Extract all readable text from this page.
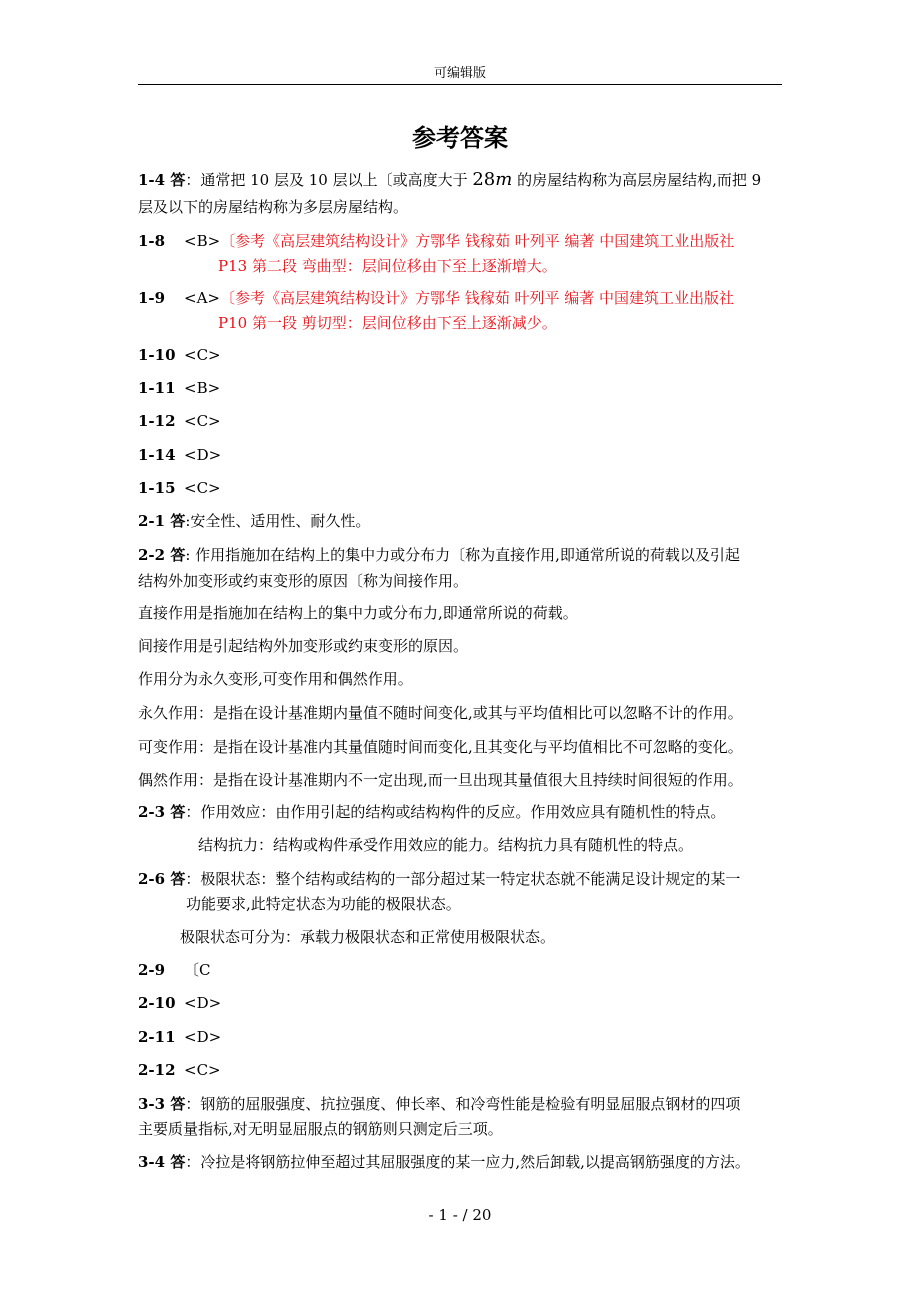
可编辑版
参考答案
1-4 答：通常把 10 层及 10 层以上〔或高度大于 28m 的房屋结构称为高层房屋结构,而把 9
层及以下的房屋结构称为多层房屋结构。
1-8 <B>〔参考《高层建筑结构设计》方鄂华 钱稼茹 叶列平 编著 中国建筑工业出版社
P13 第二段 弯曲型：层间位移由下至上逐渐增大。
1-9 <A>〔参考《高层建筑结构设计》方鄂华 钱稼茹 叶列平 编著 中国建筑工业出版社
P10 第一段 剪切型：层间位移由下至上逐渐减少。
1-10 <C>
1-11 <B>
1-12 <C>
1-14 <D>
1-15 <C>
2-1 答:安全性、适用性、耐久性。
2-2 答: 作用指施加在结构上的集中力或分布力〔称为直接作用,即通常所说的荷载以及引起
结构外加变形或约束变形的原因〔称为间接作用。
直接作用是指施加在结构上的集中力或分布力,即通常所说的荷载。
间接作用是引起结构外加变形或约束变形的原因。
作用分为永久变形,可变作用和偶然作用。
永久作用：是指在设计基准期内量值不随时间变化,或其与平均值相比可以忽略不计的作用。
可变作用：是指在设计基准内其量值随时间而变化,且其变化与平均值相比不可忽略的变化。
偶然作用：是指在设计基准期内不一定出现,而一旦出现其量值很大且持续时间很短的作用。
2-3 答：作用效应：由作用引起的结构或结构构件的反应。作用效应具有随机性的特点。
结构抗力：结构或构件承受作用效应的能力。结构抗力具有随机性的特点。
2-6 答：极限状态：整个结构或结构的一部分超过某一特定状态就不能满足设计规定的某一
功能要求,此特定状态为功能的极限状态。
极限状态可分为：承载力极限状态和正常使用极限状态。
2-9 〔C
2-10 <D>
2-11 <D>
2-12 <C>
3-3 答：钢筋的屈服强度、抗拉强度、伸长率、和冷弯性能是检验有明显屈服点钢材的四项
主要质量指标,对无明显屈服点的钢筋则只测定后三项。
3-4 答：冷拉是将钢筋拉伸至超过其屈服强度的某一应力,然后卸载,以提高钢筋强度的方法。
- 1 - / 20
